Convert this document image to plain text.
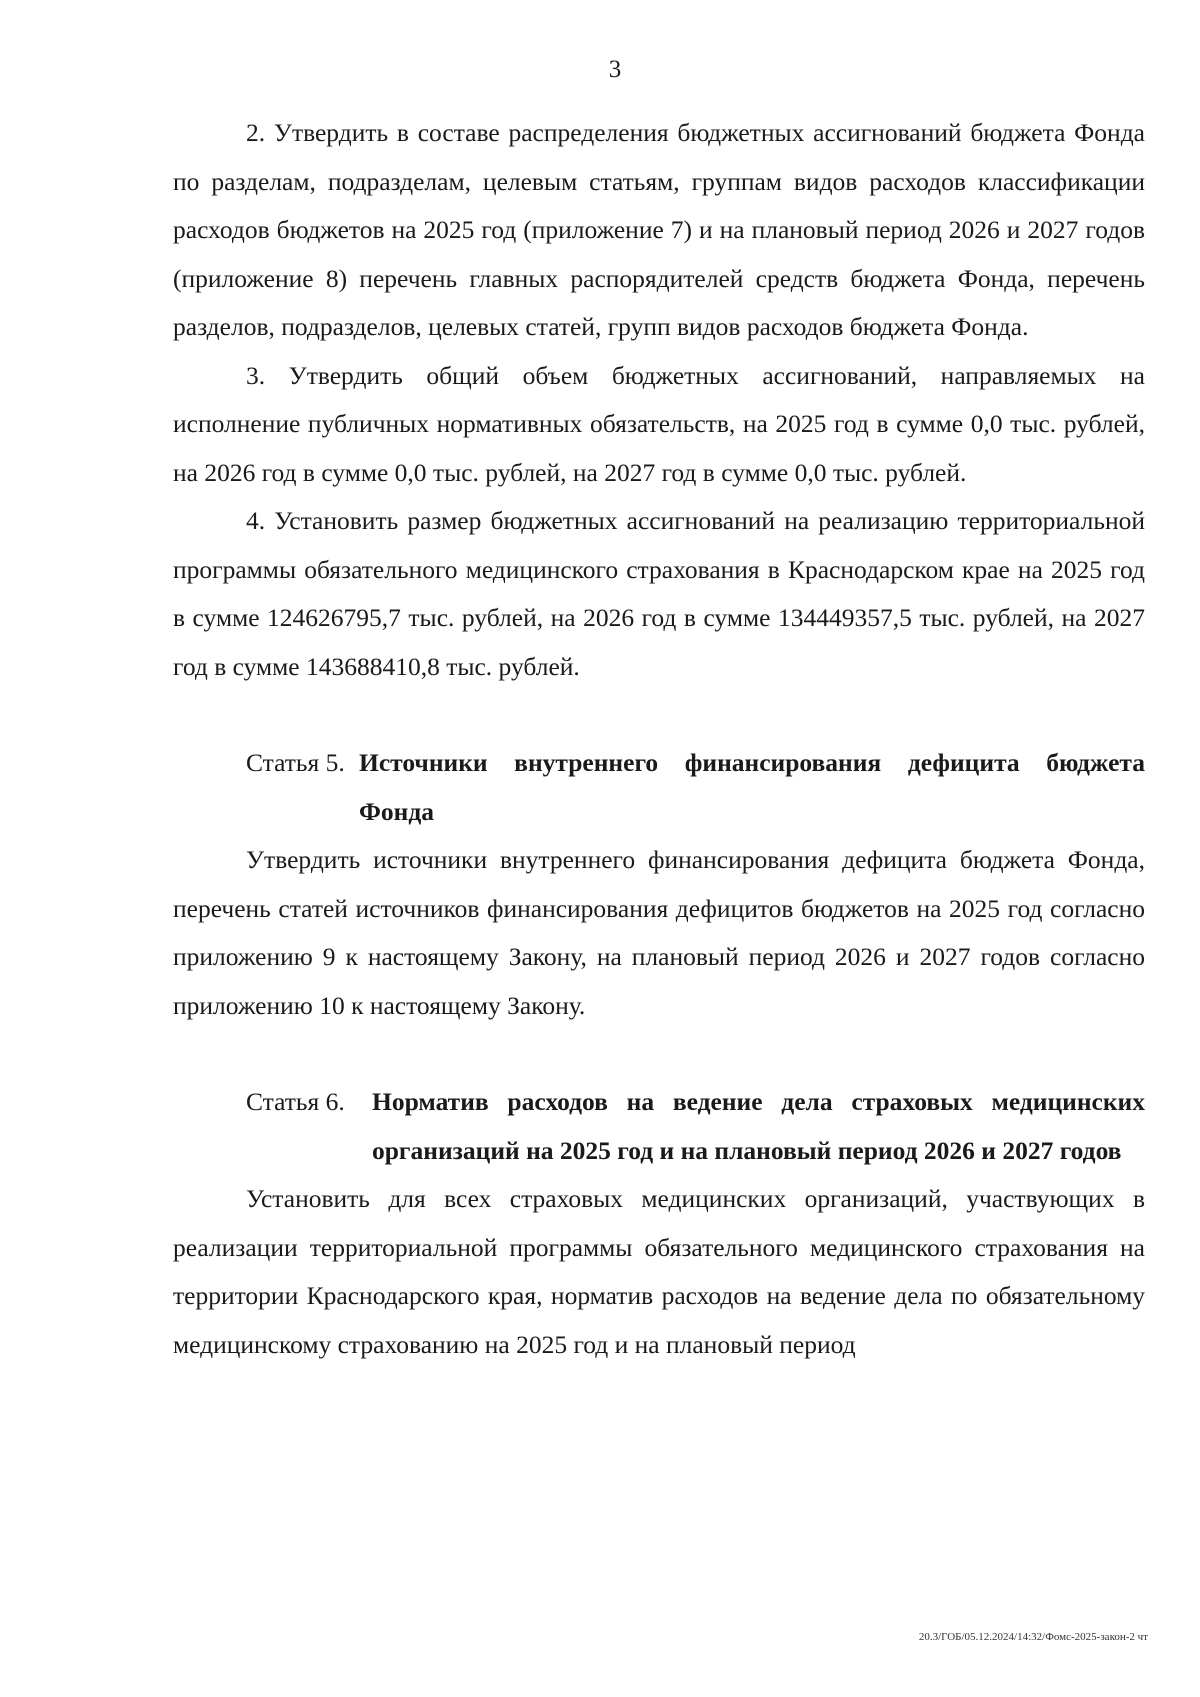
3

2. Утвердить в составе распределения бюджетных ассигнований бюджета Фонда по разделам, подразделам, целевым статьям, группам видов расходов классификации расходов бюджетов на 2025 год (приложение 7) и на плановый период 2026 и 2027 годов (приложение 8) перечень главных распорядителей средств бюджета Фонда, перечень разделов, подразделов, целевых статей, групп видов расходов бюджета Фонда.

3. Утвердить общий объем бюджетных ассигнований, направляемых на исполнение публичных нормативных обязательств, на 2025 год в сумме 0,0 тыс. рублей, на 2026 год в сумме 0,0 тыс. рублей, на 2027 год в сумме 0,0 тыс. рублей.

4. Установить размер бюджетных ассигнований на реализацию территориальной программы обязательного медицинского страхования в Краснодарском крае на 2025 год в сумме 124626795,7 тыс. рублей, на 2026 год в сумме 134449357,5 тыс. рублей, на 2027 год в сумме 143688410,8 тыс. рублей.

Статья 5. Источники внутреннего финансирования дефицита бюджета Фонда

Утвердить источники внутреннего финансирования дефицита бюджета Фонда, перечень статей источников финансирования дефицитов бюджетов на 2025 год согласно приложению 9 к настоящему Закону, на плановый период 2026 и 2027 годов согласно приложению 10 к настоящему Закону.

Статья 6. Норматив расходов на ведение дела страховых медицинских организаций на 2025 год и на плановый период 2026 и 2027 годов

Установить для всех страховых медицинских организаций, участвующих в реализации территориальной программы обязательного медицинского страхования на территории Краснодарского края, норматив расходов на ведение дела по обязательному медицинскому страхованию на 2025 год и на плановый период

20.3/ГОБ/05.12.2024/14:32/Фомс-2025-закон-2 чт
